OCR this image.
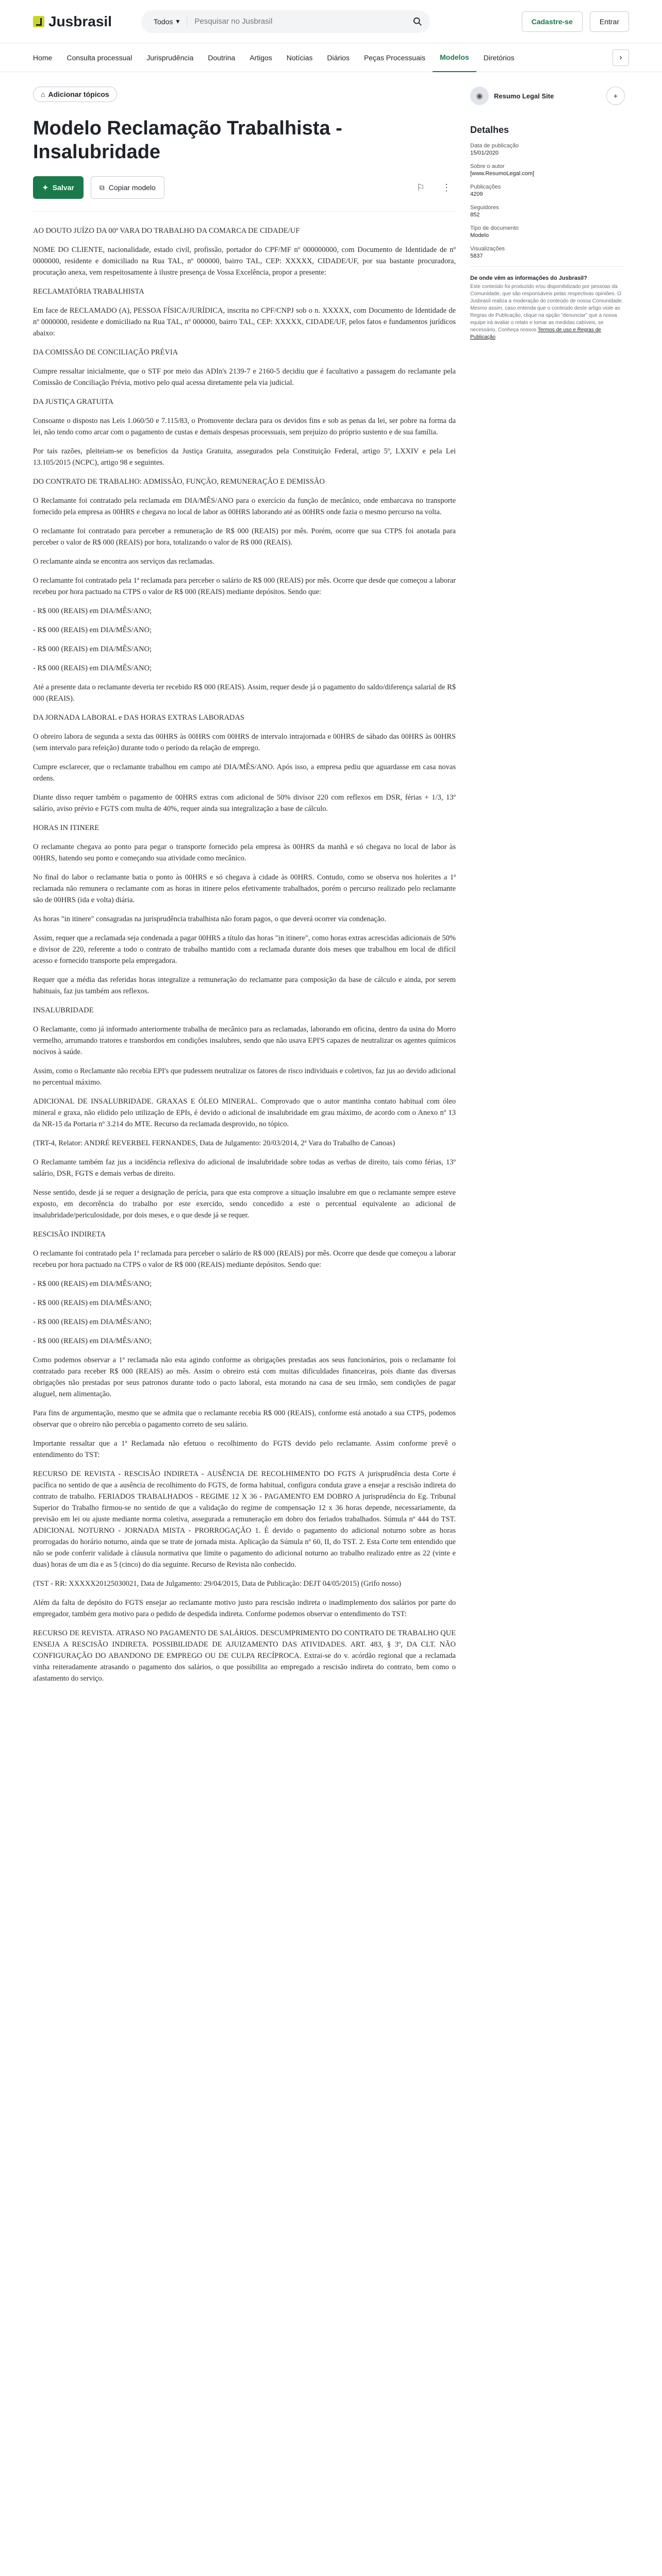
Jusbrasil	Todos ▾
Pesquisar no Jusbrasil	Cadastre-se	Entrar
Home	Consulta processual	Jurisprudência	Doutrina	Artigos	Notícias	Diários	Peças Processuais	Modelos	Diretórios	›
⌂ Adicionar tópicos
Modelo Reclamação Trabalhista - Insalubridade
✦ Salvar	⧉ Copiar modelo	⚐	⋮

AO DOUTO JUÍZO DA 00ª VARA DO TRABALHO DA COMARCA DE CIDADE/UF

NOME DO CLIENTE, nacionalidade, estado civil, profissão, portador do CPF/MF nº 000000000, com Documento de Identidade de nº 0000000, residente e domiciliado na Rua TAL, nº 000000, bairro TAL, CEP: XXXXX, CIDADE/UF, por sua bastante procuradora, procuração anexa, vem respeitosamente à ilustre presença de Vossa Excelência, propor a presente:

RECLAMATÓRIA TRABALHISTA

Em face de RECLAMADO (A), PESSOA FÍSICA/JURÍDICA, inscrita no CPF/CNPJ sob o n. XXXXX, com Documento de Identidade de nº 0000000, residente e domiciliado na Rua TAL, nº 000000, bairro TAL, CEP: XXXXX, CIDADE/UF, pelos fatos e fundamentos jurídicos abaixo:

DA COMISSÃO DE CONCILIAÇÃO PRÉVIA

Cumpre ressaltar inicialmente, que o STF por meio das ADIn's 2139-7 e 2160-5 decidiu que é facultativo a passagem do reclamante pela Comissão de Conciliação Prévia, motivo pelo qual acessa diretamente pela via judicial.

DA JUSTIÇA GRATUITA

Consoante o disposto nas Leis 1.060/50 e 7.115/83, o Promovente declara para os devidos fins e sob as penas da lei, ser pobre na forma da lei, não tendo como arcar com o pagamento de custas e demais despesas processuais, sem prejuízo do próprio sustento e de sua família.

Por tais razões, pleiteiam-se os benefícios da Justiça Gratuita, assegurados pela Constituição Federal, artigo 5º, LXXIV e pela Lei 13.105/2015 (NCPC), artigo 98 e seguintes.

DO CONTRATO DE TRABALHO: ADMISSÃO, FUNÇÃO, REMUNERAÇÃO E DEMISSÃO

O Reclamante foi contratado pela reclamada em DIA/MÊS/ANO para o exercício da função de mecânico, onde embarcava no transporte fornecido pela empresa as 00HRS e chegava no local de labor as 00HRS laborando até as 00HRS onde fazia o mesmo percurso na volta.

O reclamante foi contratado para perceber a remuneração de R$ 000 (REAIS) por mês. Porém, ocorre que sua CTPS foi anotada para perceber o valor de R$ 000 (REAIS) por hora, totalizando o valor de R$ 000 (REAIS).

O reclamante ainda se encontra aos serviços das reclamadas.

O reclamante foi contratado pela 1ª reclamada para perceber o salário de R$ 000 (REAIS) por mês. Ocorre que desde que começou a laborar recebeu por hora pactuado na CTPS o valor de R$ 000 (REAIS) mediante depósitos. Sendo que:

- R$ 000 (REAIS) em DIA/MÊS/ANO;

- R$ 000 (REAIS) em DIA/MÊS/ANO;

- R$ 000 (REAIS) em DIA/MÊS/ANO;

- R$ 000 (REAIS) em DIA/MÊS/ANO;

Até a presente data o reclamante deveria ter recebido R$ 000 (REAIS). Assim, requer desde já o pagamento do saldo/diferença salarial de R$ 000 (REAIS).

DA JORNADA LABORAL e DAS HORAS EXTRAS LABORADAS

O obreiro labora de segunda a sexta das 00HRS às 00HRS com 00HRS de intervalo intrajornada e 00HRS de sábado das 00HRS às 00HRS (sem intervalo para refeição) durante todo o período da relação de emprego.

Cumpre esclarecer, que o reclamante trabalhou em campo até DIA/MÊS/ANO. Após isso, a empresa pediu que aguardasse em casa novas ordens.

Diante disso requer também o pagamento de 00HRS extras com adicional de 50% divisor 220 com reflexos em DSR, férias + 1/3, 13º salário, aviso prévio e FGTS com multa de 40%, requer ainda sua integralização a base de cálculo.

HORAS IN ITINERE

O reclamante chegava ao ponto para pegar o transporte fornecido pela empresa às 00HRS da manhã e só chegava no local de labor às 00HRS, batendo seu ponto e começando sua atividade como mecânico.

No final do labor o reclamante batia o ponto às 00HRS e só chegava à cidade às 00HRS. Contudo, como se observa nos holerites a 1ª reclamada não remunera o reclamante com as horas in itinere pelos efetivamente trabalhados, porém o percurso realizado pelo reclamante são de 00HRS (ida e volta) diária.

As horas "in itinere" consagradas na jurisprudência trabalhista não foram pagos, o que deverá ocorrer via condenação.

Assim, requer que a reclamada seja condenada a pagar 00HRS a título das horas "in itinere", como horas extras acrescidas adicionais de 50% e divisor de 220, referente a todo o contrato de trabalho mantido com a reclamada durante dois meses que trabalhou em local de difícil acesso e fornecido transporte pela empregadora.

Requer que a média das referidas horas integralize a remuneração do reclamante para composição da base de cálculo e ainda, por serem habituais, faz jus também aos reflexos.

INSALUBRIDADE

O Reclamante, como já informado anteriormente trabalha de mecânico para as reclamadas, laborando em oficina, dentro da usina do Morro vermelho, arrumando tratores e transbordos em condições insalubres, sendo que não usava EPI'S capazes de neutralizar os agentes químicos nocivos à saúde.

Assim, como o Reclamante não recebia EPI's que pudessem neutralizar os fatores de risco individuais e coletivos, faz jus ao devido adicional no percentual máximo.

ADICIONAL DE INSALUBRIDADE. GRAXAS E ÓLEO MINERAL. Comprovado que o autor mantinha contato habitual com óleo mineral e graxa, não elidido pelo utilização de EPIs, é devido o adicional de insalubridade em grau máximo, de acordo com o Anexo nº 13 da NR-15 da Portaria nº 3.214 do MTE. Recurso da reclamada desprovido, no tópico.

(TRT-4, Relator: ANDRÉ REVERBEL FERNANDES, Data de Julgamento: 20/03/2014, 2ª Vara do Trabalho de Canoas)

O Reclamante também faz jus a incidência reflexiva do adicional de insalubridade sobre todas as verbas de direito, tais como férias, 13º salário, DSR, FGTS e demais verbas de direito.

Nesse sentido, desde já se requer a designação de perícia, para que esta comprove a situação insalubre em que o reclamante sempre esteve exposto, em decorrência do trabalho por este exercido, sendo concedido a este o percentual equivalente ao adicional de insalubridade/periculosidade, por dois meses, e o que desde já se requer.

RESCISÃO INDIRETA

O reclamante foi contratado pela 1ª reclamada para perceber o salário de R$ 000 (REAIS) por mês. Ocorre que desde que começou a laborar recebeu por hora pactuado na CTPS o valor de R$ 000 (REAIS) mediante depósitos. Sendo que:

- R$ 000 (REAIS) em DIA/MÊS/ANO;

- R$ 000 (REAIS) em DIA/MÊS/ANO;

- R$ 000 (REAIS) em DIA/MÊS/ANO;

- R$ 000 (REAIS) em DIA/MÊS/ANO;

Como podemos observar a 1ª reclamada não esta agindo conforme as obrigações prestadas aos seus funcionários, pois o reclamante foi contratado para receber R$ 000 (REAIS) ao mês. Assim o obreiro está com muitas dificuldades financeiras, pois diante das diversas obrigações não prestadas por seus patronos durante todo o pacto laboral, esta morando na casa de seu irmão, sem condições de pagar aluguel, nem alimentação.

Para fins de argumentação, mesmo que se admita que o reclamante recebia R$ 000 (REAIS), conforme está anotado a sua CTPS, podemos observar que o obreiro não percebia o pagamento correto de seu salário.

Importante ressaltar que a 1ª Reclamada não efetuou o recolhimento do FGTS devido pelo reclamante. Assim conforme prevê o entendimento do TST:

RECURSO DE REVISTA - RESCISÃO INDIRETA - AUSÊNCIA DE RECOLHIMENTO DO FGTS A jurisprudência desta Corte é pacífica no sentido de que a ausência de recolhimento do FGTS, de forma habitual, configura conduta grave a ensejar a rescisão indireta do contrato de trabalho. FERIADOS TRABALHADOS - REGIME 12 X 36 - PAGAMENTO EM DOBRO A jurisprudência do Eg. Tribunal Superior do Trabalho firmou-se no sentido de que a validação do regime de compensação 12 x 36 horas depende, necessariamente, da previsão em lei ou ajuste mediante norma coletiva, assegurada a remuneração em dobro dos feriados trabalhados. Súmula nº 444 do TST. ADICIONAL NOTURNO - JORNADA MISTA - PRORROGAÇÃO 1. É devido o pagamento do adicional noturno sobre as horas prorrogadas do horário noturno, ainda que se trate de jornada mista. Aplicação da Súmula nº 60, II, do TST. 2. Esta Corte tem entendido que não se pode conferir validade à cláusula normativa que limite o pagamento do adicional noturno ao trabalho realizado entre as 22 (vinte e duas) horas de um dia e as 5 (cinco) do dia seguinte. Recurso de Revista não conhecido.

(TST - RR: XXXXX20125030021, Data de Julgamento: 29/04/2015, Data de Publicação: DEJT 04/05/2015) (Grifo nosso)

Além da falta de depósito do FGTS ensejar ao reclamante motivo justo para rescisão indireta o inadimplemento dos salários por parte do empregador, também gera motivo para o pedido de despedida indireta. Conforme podemos observar o entendimento do TST:

RECURSO DE REVISTA. ATRASO NO PAGAMENTO DE SALÁRIOS. DESCUMPRIMENTO DO CONTRATO DE TRABALHO QUE ENSEJA A RESCISÃO INDIRETA. POSSIBILIDADE DE AJUIZAMENTO DAS ATIVIDADES. ART. 483, § 3º, DA CLT. NÃO CONFIGURAÇÃO DO ABANDONO DE EMPREGO OU DE CULPA RECÍPROCA. Extrai-se do v. acórdão regional que a reclamada vinha reiteradamente atrasando o pagamento dos salários, o que possibilita ao empregado a rescisão indireta do contrato, bem como o afastamento do serviço.

◉	Resumo Legal Site	+
Detalhes
Data de publicação
15/01/2020
Sobre o autor
[www.ResumoLegal.com]
Publicações
4209
Seguidores
852
Tipo de documento
Modelo
Visualizações
5837
De onde vêm as informações do Jusbrasil?
Este conteúdo foi produzido e/ou disponibilizado por pessoas da Comunidade, que são responsáveis pelas respectivas opiniões. O Jusbrasil realiza a moderação do conteúdo de nossa Comunidade. Mesmo assim, caso entenda que o conteúdo deste artigo viole as Regras de Publicação, clique na opção "denunciar" que a nossa equipe irá avaliar o relato e tomar as medidas cabíveis, se necessário. Conheça nossos Termos de uso e Regras de Publicação
